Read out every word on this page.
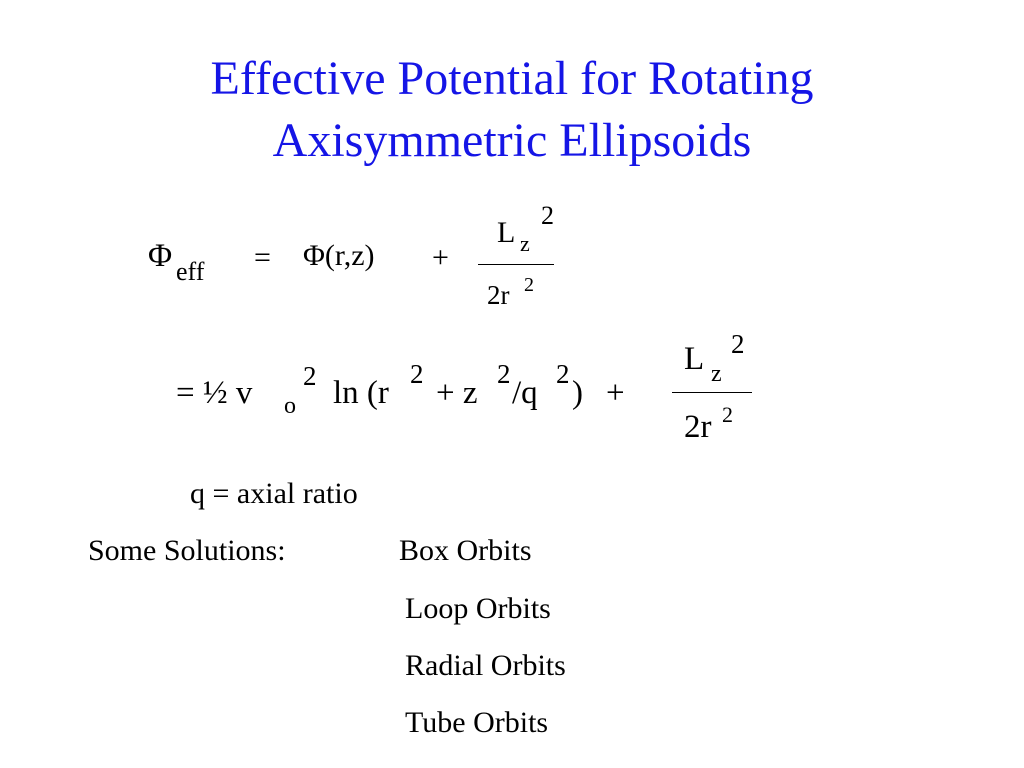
Effective Potential for Rotating
Axisymmetric Ellipsoids
Φ eff = Φ(r,z) +
L z
2
2r 2
= ½ v o
2 ln (r
2
+ z
2
/q
2
) +
L z
2
2r 2
q = axial ratio
Some Solutions:	Box Orbits
Loop Orbits
Radial Orbits
Tube Orbits
